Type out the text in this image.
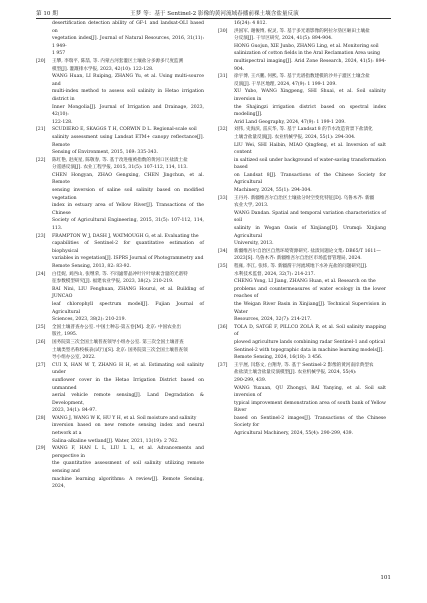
第 10 期	王梦 等：基于 Sentinel-2 影像的黄河流域春播前裸土壤含盐量反演
desertification detection ability of GF-1 and landsat-OLI based on
vegetation index[J]. Journal of Natural Resources, 2016, 31(11): 1 949-
1 957
[20]	王攀, 李瑞平, 陈喆, 等. 内蒙古河套灌区土壤盐分多源多尺度监测
模型[J]. 灌溉排水学报, 2023, 42(10): 122-128.
WANG Huan, LI Ruiping, ZHANG Yu, et al. Using multi-source and
multi-index method to assess soil salinity in Hetao irrigation district in
Inner Mongolia[J]. Journal of Irrigation and Drainage, 2023, 42(10):
122-128.
[21]	SCUDIERO E, SKAGGS T H, CORWIN D L. Regional-scale soil
salinity assessment using Landsat ETM+ canopy reflectance[J]. Remote
Sensing of Environment, 2015, 169: 335-343.
[22]	陈红艳, 赵庚星, 陈敬春, 等. 基于改进植被指数的黄河口区盐渍土盐
分遥感反演[J]. 农业工程学报, 2015, 31(5): 107-112, 114, 113.
CHEN Hongyan, ZHAO Gengxing, CHEN Jingchun, et al. Remote
sensing inversion of saline soil salinity based on modified vegetation
index in estuary area of Yellow River[J]. Transactions of the Chinese
Society of Agricultural Engineering, 2015, 31(5): 107-112, 114, 113.
[23]	FRAMPTON W J, DASH J, WATMOUGH G, et al. Evaluating the
capabilities of Sentinel-2 for quantitative estimation of biophysical
variables in vegetation[J]. ISPRS Journal of Photogrammetry and
Remote Sensing, 2013, 82: 83-92.
[24]	白佳妮, 刘西山, 张继荣, 等. 不同滤带晶冲叶片叶绿素含量的光谱特
征参数模型研究[J]. 福建农业学报, 2023, 38(2): 210-219.
BAI Nini, LIU Fenghuan, ZHANG Hourui, et al. Building of JUNCAO
leaf chlorophyll spectrum model[J]. Fujian Journal of Agricultural
Sciences, 2023, 38(2): 210-219.
[25]	全国土壤普查办公室. 中国土种志-第五卷[M]. 北京: 中国农业出
版社, 1995.
[26]	国务院第三次全国土壤普查领导小组办公室. 第三次全国土壤普查
土壤类型名称校核表(试行)[S]. 北京: 国务院第三次全国土壤普查领
导小组办公室, 2022.
[27]	CUI X, HAN W T, ZHANG H H, et al. Estimating soil salinity under
sunflower cover in the Hetao Irrigation District based on unmanned
aerial vehicle remote sensing[J]. Land Degradation & Development,
2023, 34(1): 84-97.
[28]	WANG J, WANG W K, HU Y H, et al. Soil moisture and salinity
inversion based on new remote sensing index and neural network at a
Salina-alkaline wetland[J]. Water, 2021, 13(19): 2 762.
[29]	WANG F, HAN L L, LIU L L, et al. Advancements and perspective in
the quantitative assessment of soil salinity utilizing remote sensing and
machine learning algorithms: A review[J]. Remote Sensing, 2024,
16(24): 4 812.
[30]	洪国军, 谢俊博, 祝灵, 等. 基于多光谱影像的阿拉尔垦区砸田土壤盐
分反演[J]. 干旱区研究, 2024, 41(5): 894-904.
HONG Guojun, XIE Junbo, ZHANG Ling, et al. Monitoring soil
salinization of cotton fields in the Aral Reclamation Area using
multispectral imaging[J]. Arid Zone Research, 2024, 41(5): 894-904.
[31]	徐宇博, 王兴鹏, 何熙, 等. 基于光谱指数建模的沙井子灌区土壤含盐
反演[J]. 干旱区地理, 2024, 47(9): 1 199-1 209.
XU Yubo, WANG Xingpeng, SHI Shuai, et al. Soil salinity inversion in
the Shajingzi irrigation district based on spectral index modeling[J].
Arid Land Geography, 2024, 47(9): 1 199-1 209.
[32]	刘伟, 史海滨, 雷庆华, 等. 基于 Landsat 8 的节水改造背景下盐渍化
土壤含盐量反演[J]. 农业机械学报, 2024, 55(1): 294-304.
LIU Wei, SHI Haibin, MIAO Qingfeng, et al. Inversion of salt content
in saltized soil under background of water-saving transformation based
on Landsat 8[J]. Transactions of the Chinese Society for Agricultural
Machinery, 2024, 55(1): 294-304.
[33]	王丹丹. 新疆维吾尔自治区土壤盐分时空变化特征[D]. 乌鲁木齐: 新疆
农业大学, 2013.
WANG Dandan. Spatial and temporal variation characteristics of soil
salinity in Wogan Oasis of Xinjiang[D]. Urumqi: Xinjiang Agricultural
University, 2013.
[34]	新疆维吾尔自治区自然环境资源研究. 盐渍问题论文集: DB65/T 1611—
2023[S]. 乌鲁木齐: 新疆维吾尔自治区市场监督管理局, 2024.
[35]	程雍, 李江, 张炜, 等. 新疆渭干河流域地下水补充盐的问题研究[J].
水利技术监督, 2024, 32(7): 214-217.
CHENG Yong, LI Jiang, ZHANG Huan, et al. Research on the
problems and countermeasures of water ecology in the lower reaches of
the Weigan River Basin in Xinjiang[J]. Technical Supervision in Water
Resources, 2024, 32(7): 214-217.
[36]	TOLA D, SATGÉ F, PILLCO ZOLÁ R, et al. Soil salinity mapping of
plowed agriculture lands combining radar Sentinel-1 and optical
Sentinel-2 with topographic data in machine learning models[J].
Remote Sensing, 2024, 16(18): 3 456.
[37]	王宇展, 闫悠文, 白翔寿, 等. 基于 Sentinel-2 影像的黄河南岸典型农
盐盐渍土壤含盐量反演模型[J]. 农业机械学报, 2024, 55(4):
290-299, 439.
WANG Yuxuan, QU Zhongyi, BAI Yanying, et al. Soil salt inversion of
typical improvement demonstration area of south bank of Yellow River
based on Sentinel-2 images[J]. Transactions of the Chinese Society for
Agricultural Machinery, 2024, 55(4): 290-299, 439.
101
